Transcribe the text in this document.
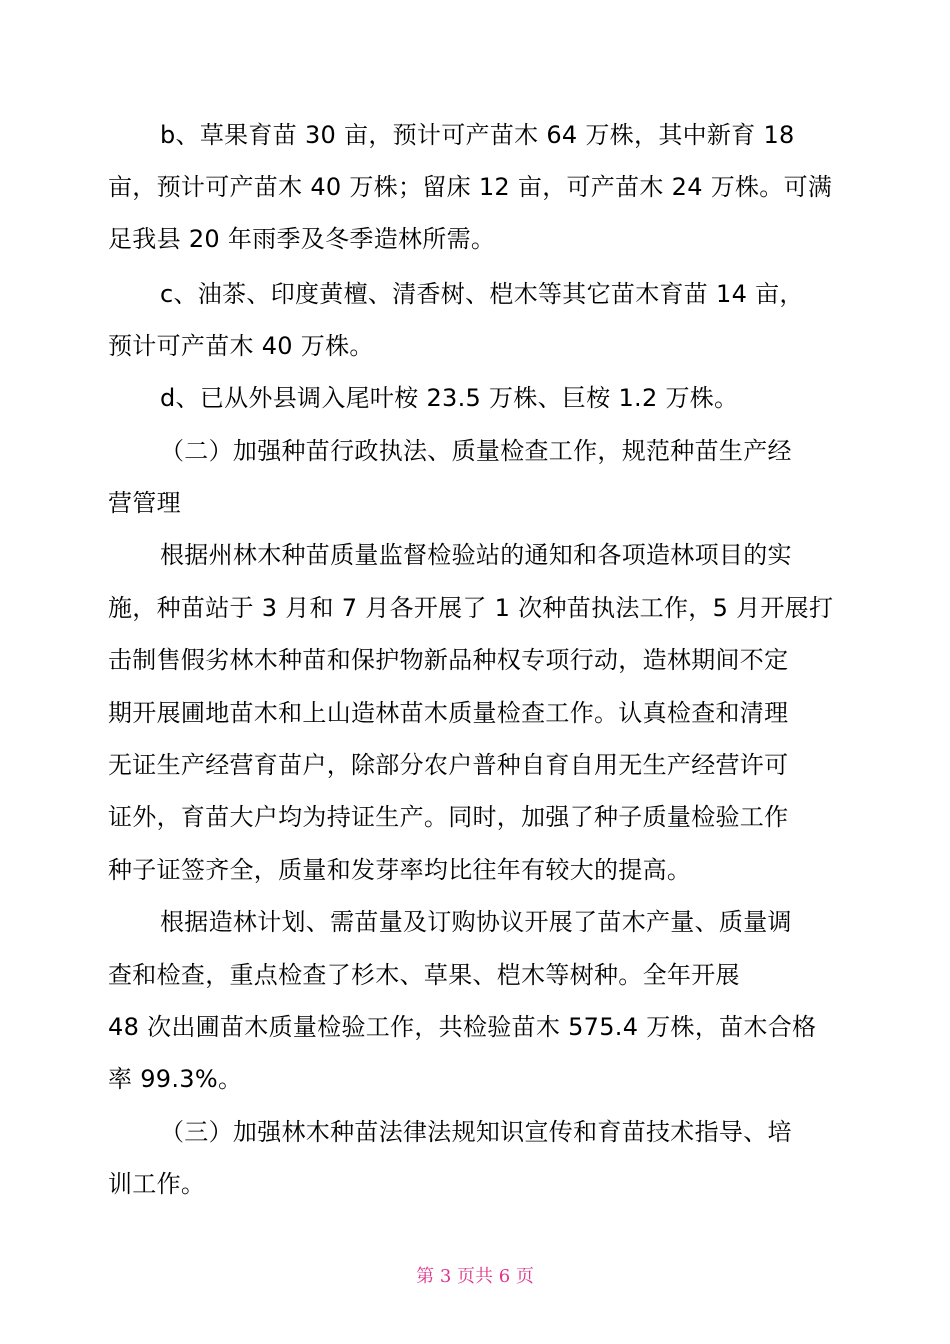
b、草果育苗 30 亩，预计可产苗木 64 万株，其中新育 18
亩，预计可产苗木 40 万株；留床 12 亩，可产苗木 24 万株。可满
足我县 20 年雨季及冬季造林所需。
c、油茶、印度黄檀、清香树、桤木等其它苗木育苗 14 亩，
预计可产苗木 40 万株。
d、已从外县调入尾叶桉 23.5 万株、巨桉 1.2 万株。
（二）加强种苗行政执法、质量检查工作，规范种苗生产经
营管理
根据州林木种苗质量监督检验站的通知和各项造林项目的实
施，种苗站于 3 月和 7 月各开展了 1 次种苗执法工作，5 月开展打
击制售假劣林木种苗和保护物新品种权专项行动，造林期间不定
期开展圃地苗木和上山造林苗木质量检查工作。认真检查和清理
无证生产经营育苗户，除部分农户普种自育自用无生产经营许可
证外，育苗大户均为持证生产。同时，加强了种子质量检验工作
种子证签齐全，质量和发芽率均比往年有较大的提高。
根据造林计划、需苗量及订购协议开展了苗木产量、质量调
查和检查，重点检查了杉木、草果、桤木等树种。全年开展
48 次出圃苗木质量检验工作，共检验苗木 575.4 万株，苗木合格
率 99.3%。
（三）加强林木种苗法律法规知识宣传和育苗技术指导、培
训工作。
第 3 页共 6 页
